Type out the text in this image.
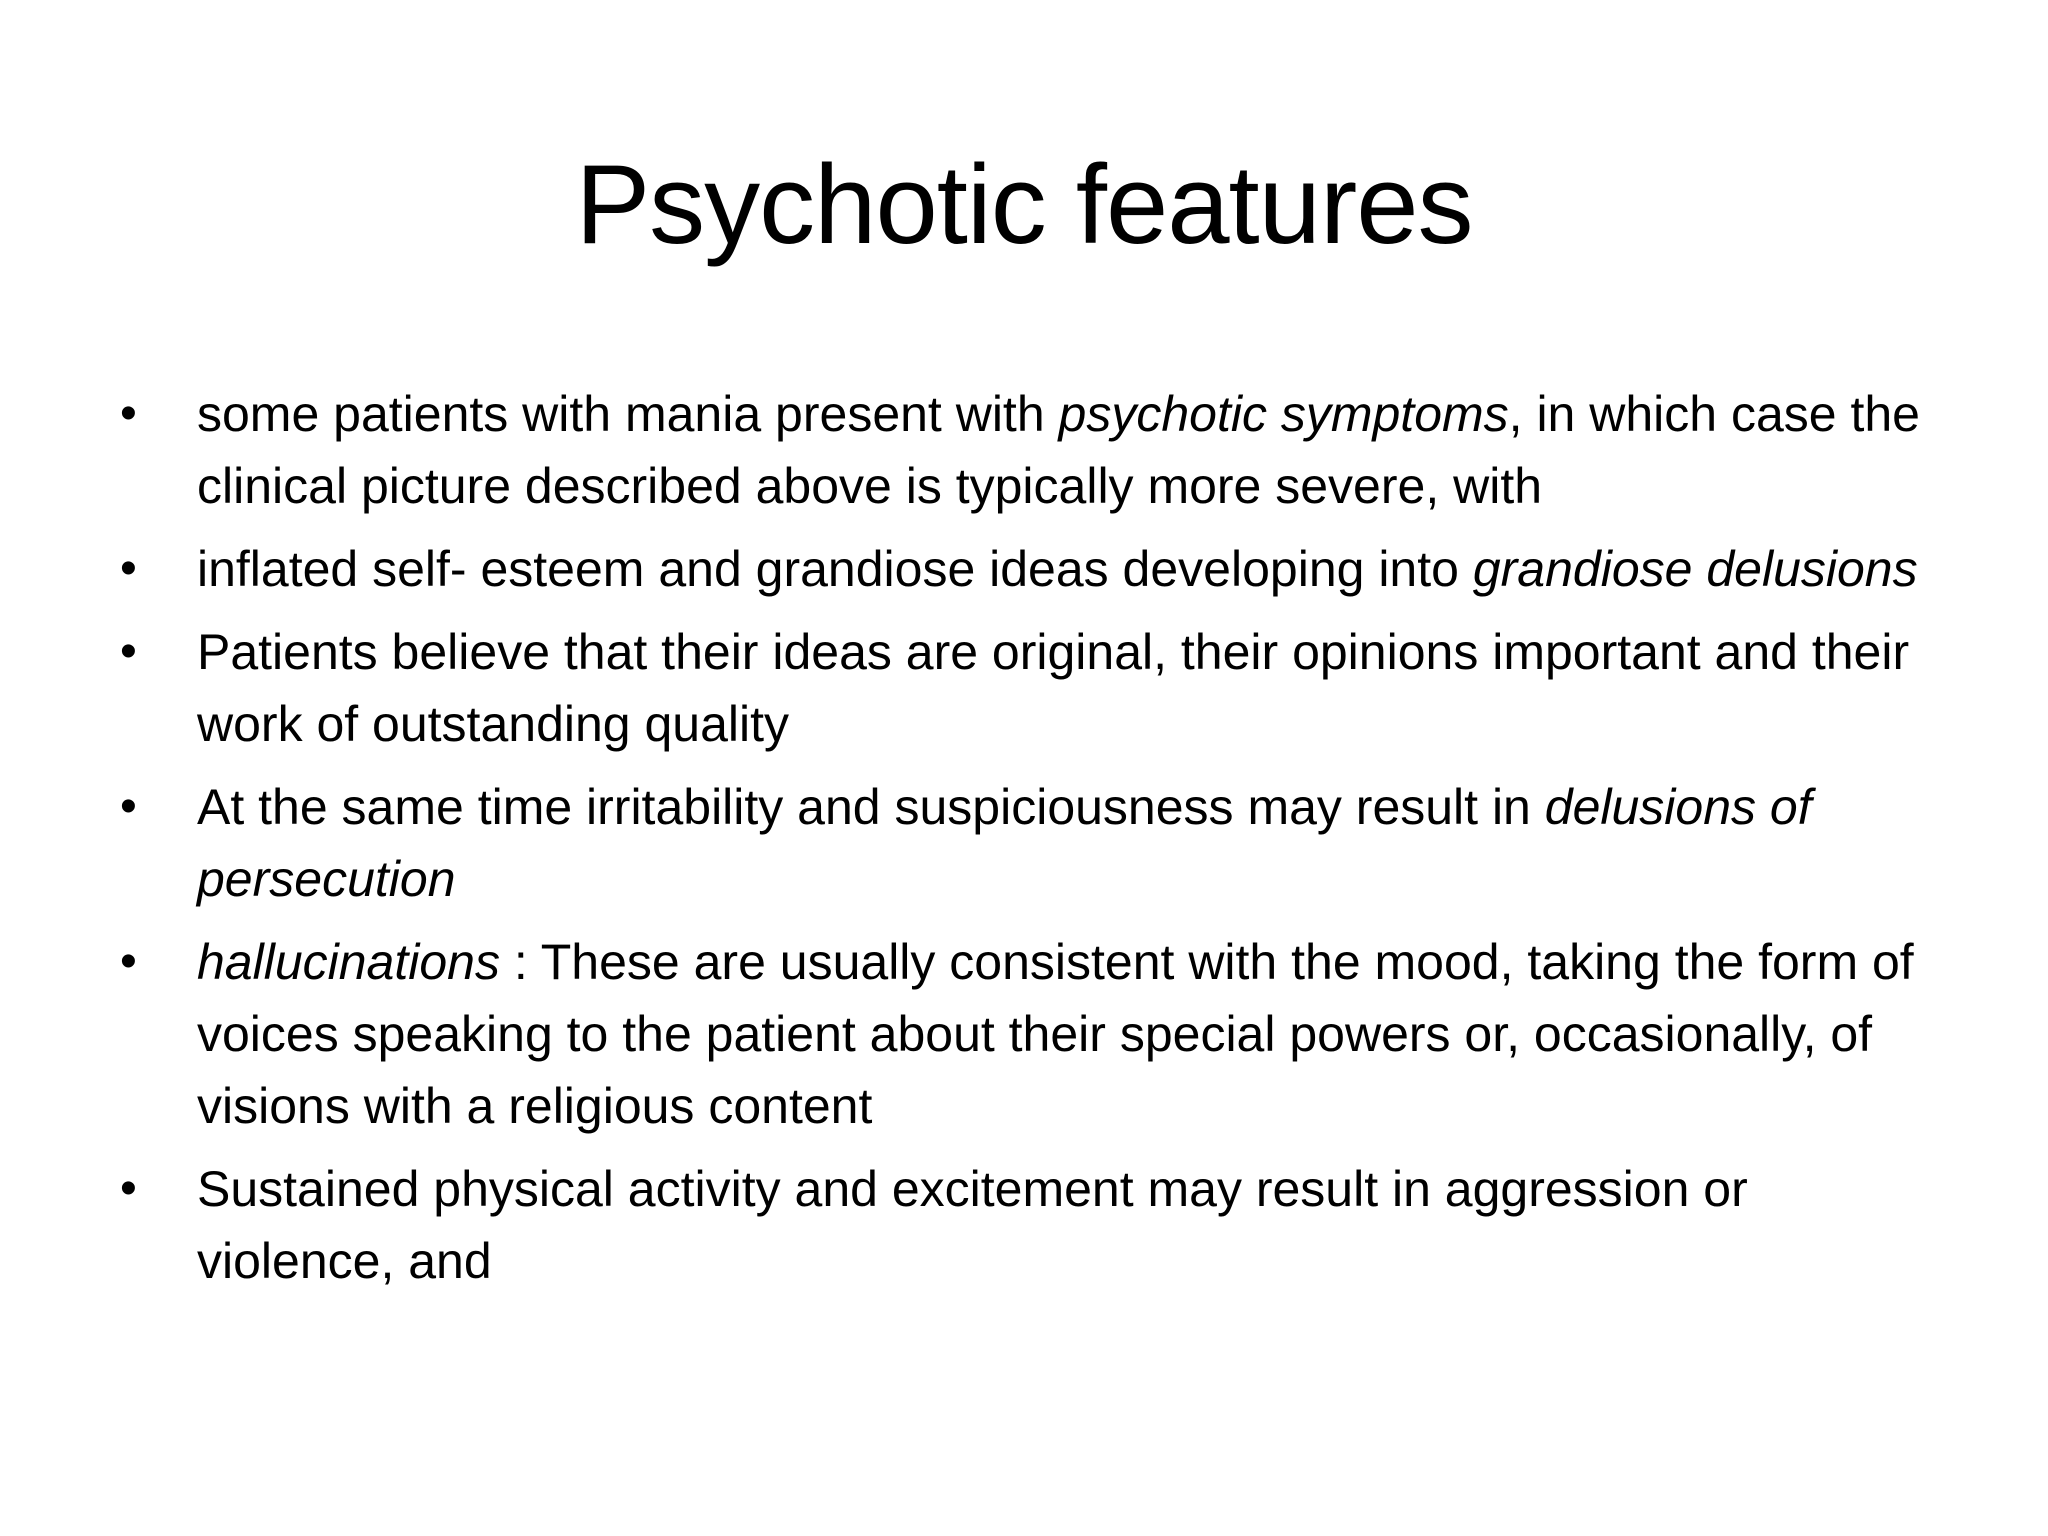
Psychotic features
•	some patients with mania present with psychotic symptoms, in which case the clinical picture described above is typically more severe, with
•	inflated self- esteem and grandiose ideas developing into grandiose delusions
•	Patients believe that their ideas are original, their opinions important and their work of outstanding quality
•	At the same time irritability and suspiciousness may result in delusions of persecution
•	hallucinations : These are usually consistent with the mood, taking the form of voices speaking to the patient about their special powers or, occasionally, of visions with a religious content
•	Sustained physical activity and excitement may result in aggression or violence, and
